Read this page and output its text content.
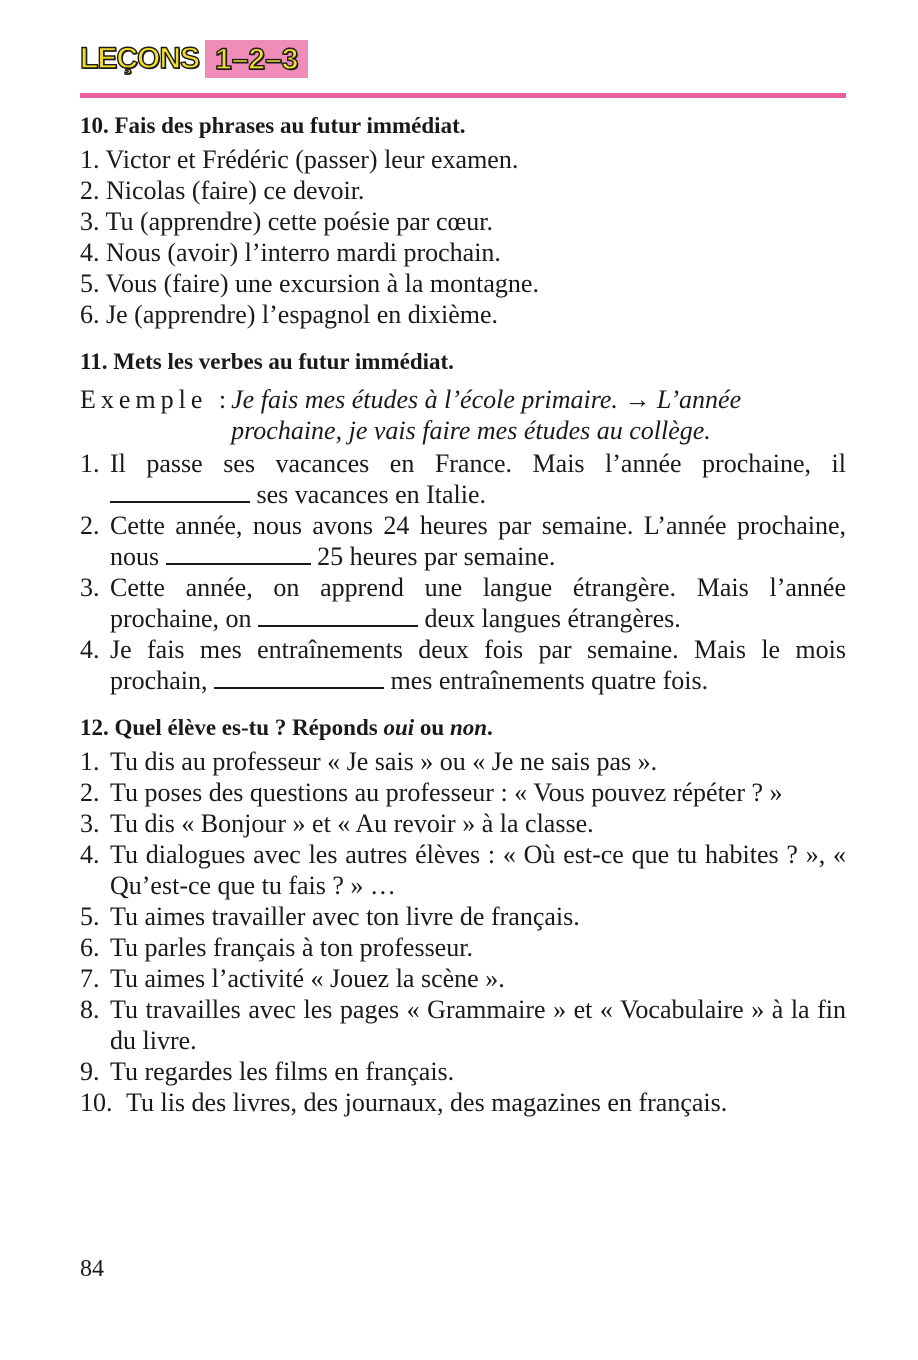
LEÇONS 1–2–3
10. Fais des phrases au futur immédiat.
1. Victor et Frédéric (passer) leur examen.
2. Nicolas (faire) ce devoir.
3. Tu (apprendre) cette poésie par cœur.
4. Nous (avoir) l’interro mardi prochain.
5. Vous (faire) une excursion à la montagne.
6. Je (apprendre) l’espagnol en dixième.
11. Mets les verbes au futur immédiat.
Exemple : Je fais mes études à l’école primaire. → L’année
prochaine, je vais faire mes études au collège.
1. Il passe ses vacances en France. Mais l’année prochaine, il  ses vacances en Italie.
2. Cette année, nous avons 24 heures par semaine. L’année prochaine, nous	25 heures par semaine.
3. Cette année, on apprend une langue étrangère. Mais l’année prochaine, on	deux langues étrangères.
4. Je fais mes entraînements deux fois par semaine. Mais le mois prochain,	mes entraînements quatre fois.
12. Quel élève es-tu ? Réponds oui ou non.
1. Tu dis au professeur « Je sais » ou « Je ne sais pas ».
2. Tu poses des questions au professeur : « Vous pouvez répéter ? »
3. Tu dis « Bonjour » et « Au revoir » à la classe.
4. Tu dialogues avec les autres élèves : « Où est-ce que tu habites ? », « Qu’est-ce que tu fais ? » …
5. Tu aimes travailler avec ton livre de français.
6. Tu parles français à ton professeur.
7. Tu aimes l’activité « Jouez la scène ».
8. Tu travailles avec les pages « Grammaire » et « Vocabulaire » à la fin du livre.
9. Tu regardes les films en français.
10. Tu lis des livres, des journaux, des magazines en français.
84
